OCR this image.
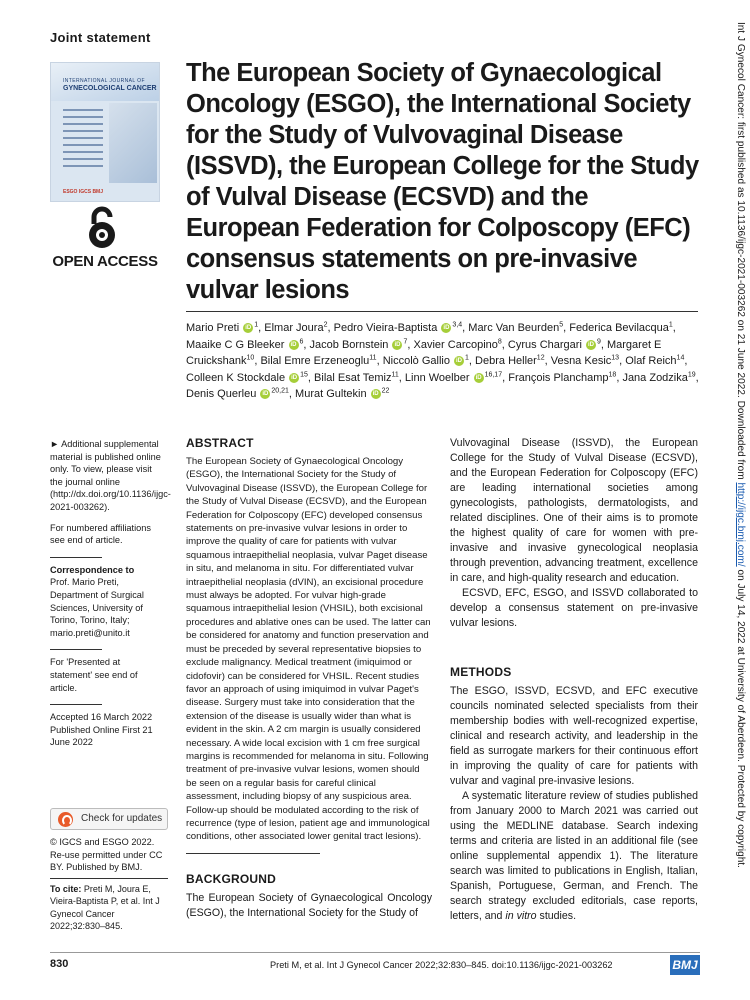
Joint statement
INTERNATIONAL JOURNAL OF
GYNECOLOGICAL CANCER
ESGO IGCS BMJ
OPEN ACCESS
The European Society of Gynaecological Oncology (ESGO), the International Society for the Study of Vulvovaginal Disease (ISSVD), the European College for the Study of Vulval Disease (ECSVD) and the European Federation for Colposcopy (EFC) consensus statements on pre-invasive vulvar lesions
Mario Preti iD $^1$, Elmar Joura$^2$, Pedro Vieira-Baptista iD $^{3,4}$, Marc Van Beurden$^5$, Federica Bevilacqua$^1$, Maaike C G Bleeker iD $^6$, Jacob Bornstein iD $^7$, Xavier Carcopino$^8$, Cyrus Chargari iD $^9$, Margaret E Cruickshank$^{10}$, Bilal Emre Erzeneoglu$^{11}$, Niccolò Gallio iD $^1$, Debra Heller$^{12}$, Vesna Kesic$^{13}$, Olaf Reich$^{14}$, Colleen K Stockdale iD $^{15}$, Bilal Esat Temiz$^{11}$, Linn Woelber iD $^{16,17}$, François Planchamp$^{18}$, Jana Zodzika$^{19}$, Denis Querleu iD $^{20,21}$, Murat Gultekin iD $^{22}$

► Additional supplemental material is published online only. To view, please visit the journal online (http://dx.doi.org/10.1136/ijgc-2021-003262).

For numbered affiliations see end of article.

Correspondence to

Prof. Mario Preti, Department of Surgical Sciences, University of Torino, Torino, Italy; mario.preti@unito.it

For 'Presented at statement' see end of article.

Accepted 16 March 2022
Published Online First 21 June 2022
Check for updates
© IGCS and ESGO 2022. Re-use permitted under CC BY. Published by BMJ.
To cite: Preti M, Joura E, Vieira-Baptista P, et al. Int J Gynecol Cancer 2022;32:830–845.
ABSTRACT
The European Society of Gynaecological Oncology (ESGO), the International Society for the Study of Vulvovaginal Disease (ISSVD), the European College for the Study of Vulval Disease (ECSVD), and the European Federation for Colposcopy (EFC) developed consensus statements on pre-invasive vulvar lesions in order to improve the quality of care for patients with vulvar squamous intraepithelial neoplasia, vulvar Paget disease in situ, and melanoma in situ. For differentiated vulvar intraepithelial neoplasia (dVIN), an excisional procedure must always be adopted. For vulvar high-grade squamous intraepithelial lesion (VHSIL), both excisional procedures and ablative ones can be used. The latter can be considered for anatomy and function preservation and must be preceded by several representative biopsies to exclude malignancy. Medical treatment (imiquimod or cidofovir) can be considered for VHSIL. Recent studies favor an approach of using imiquimod in vulvar Paget's disease. Surgery must take into consideration that the extension of the disease is usually wider than what is evident in the skin. A 2 cm margin is usually considered necessary. A wide local excision with 1 cm free surgical margins is recommended for melanoma in situ. Following treatment of pre-invasive vulvar lesions, women should be seen on a regular basis for careful clinical assessment, including biopsy of any suspicious area. Follow-up should be modulated according to the risk of recurrence (type of lesion, patient age and immunological conditions, other associated lower genital tract lesions).
BACKGROUND
The European Society of Gynaecological Oncology (ESGO), the International Society for the Study of
Vulvovaginal Disease (ISSVD), the European College for the Study of Vulval Disease (ECSVD), and the European Federation for Colposcopy (EFC) are leading international societies among gynecologists, pathologists, dermatologists, and related disciplines. One of their aims is to promote the highest quality of care for women with pre-invasive and invasive gynecological neoplasia through prevention, advancing treatment, excellence in care, and high-quality research and education.
ECSVD, EFC, ESGO, and ISSVD collaborated to develop a consensus statement on pre-invasive vulvar lesions.
METHODS
The ESGO, ISSVD, ECSVD, and EFC executive councils nominated selected specialists from their membership bodies with well-recognized expertise, clinical and research activity, and leadership in the field as surrogate markers for their continuous effort in improving the quality of care for patients with vulvar and vaginal pre-invasive lesions.
A systematic literature review of studies published from January 2000 to March 2021 was carried out using the MEDLINE database. Search indexing terms and criteria are listed in an additional file (see online supplemental appendix 1). The literature search was limited to publications in English, Italian, Spanish, Portuguese, German, and French. The search strategy excluded editorials, case reports, letters, and in vitro studies.
830	Preti M, et al. Int J Gynecol Cancer 2022;32:830–845. doi:10.1136/ijgc-2021-003262	BMJ
Int J Gynecol Cancer: first published as 10.1136/ijgc-2021-003262 on 21 June 2022. Downloaded from http://ijgc.bmj.com/ on July 14, 2022 at University of Aberdeen. Protected by copyright.
